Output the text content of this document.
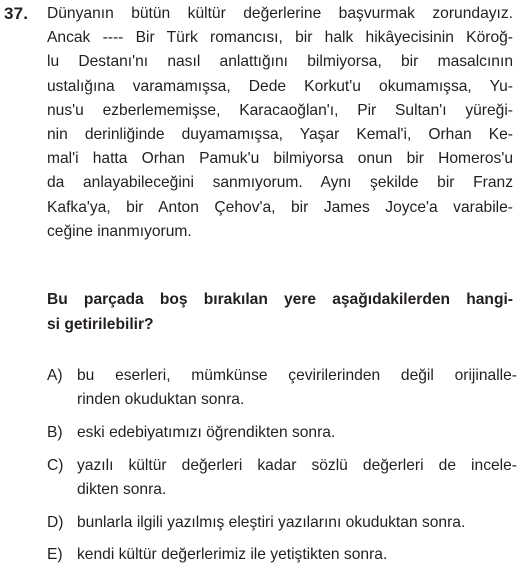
37. Dünyanın bütün kültür değerlerine başvurmak zorundayız.
Ancak ---- Bir Türk romancısı, bir halk hikâyecisinin Köroğ-
lu Destanı'nı nasıl anlattığını bilmiyorsa, bir masalcının
ustalığına varamamışsa, Dede Korkut'u okumamışsa, Yu-
nus'u ezberlememişse, Karacaoğlan'ı, Pir Sultan'ı yüreği-
nin derinliğinde duyamamışsa, Yaşar Kemal'i, Orhan Ke-
mal'i hatta Orhan Pamuk'u bilmiyorsa onun bir Homeros'u
da anlayabileceğini sanmıyorum. Aynı şekilde bir Franz
Kafka'ya, bir Anton Çehov'a, bir James Joyce'a varabile-
ceğine inanmıyorum.
Bu parçada boş bırakılan yere aşağıdakilerden hangi-
si getirilebilir?
A) bu eserleri, mümkünse çevirilerinden değil orijinalle-
rinden okuduktan sonra.
B) eski edebiyatımızı öğrendikten sonra.
C) yazılı kültür değerleri kadar sözlü değerleri de incele-
dikten sonra.
D) bunlarla ilgili yazılmış eleştiri yazılarını okuduktan sonra.
E) kendi kültür değerlerimiz ile yetiştikten sonra.
